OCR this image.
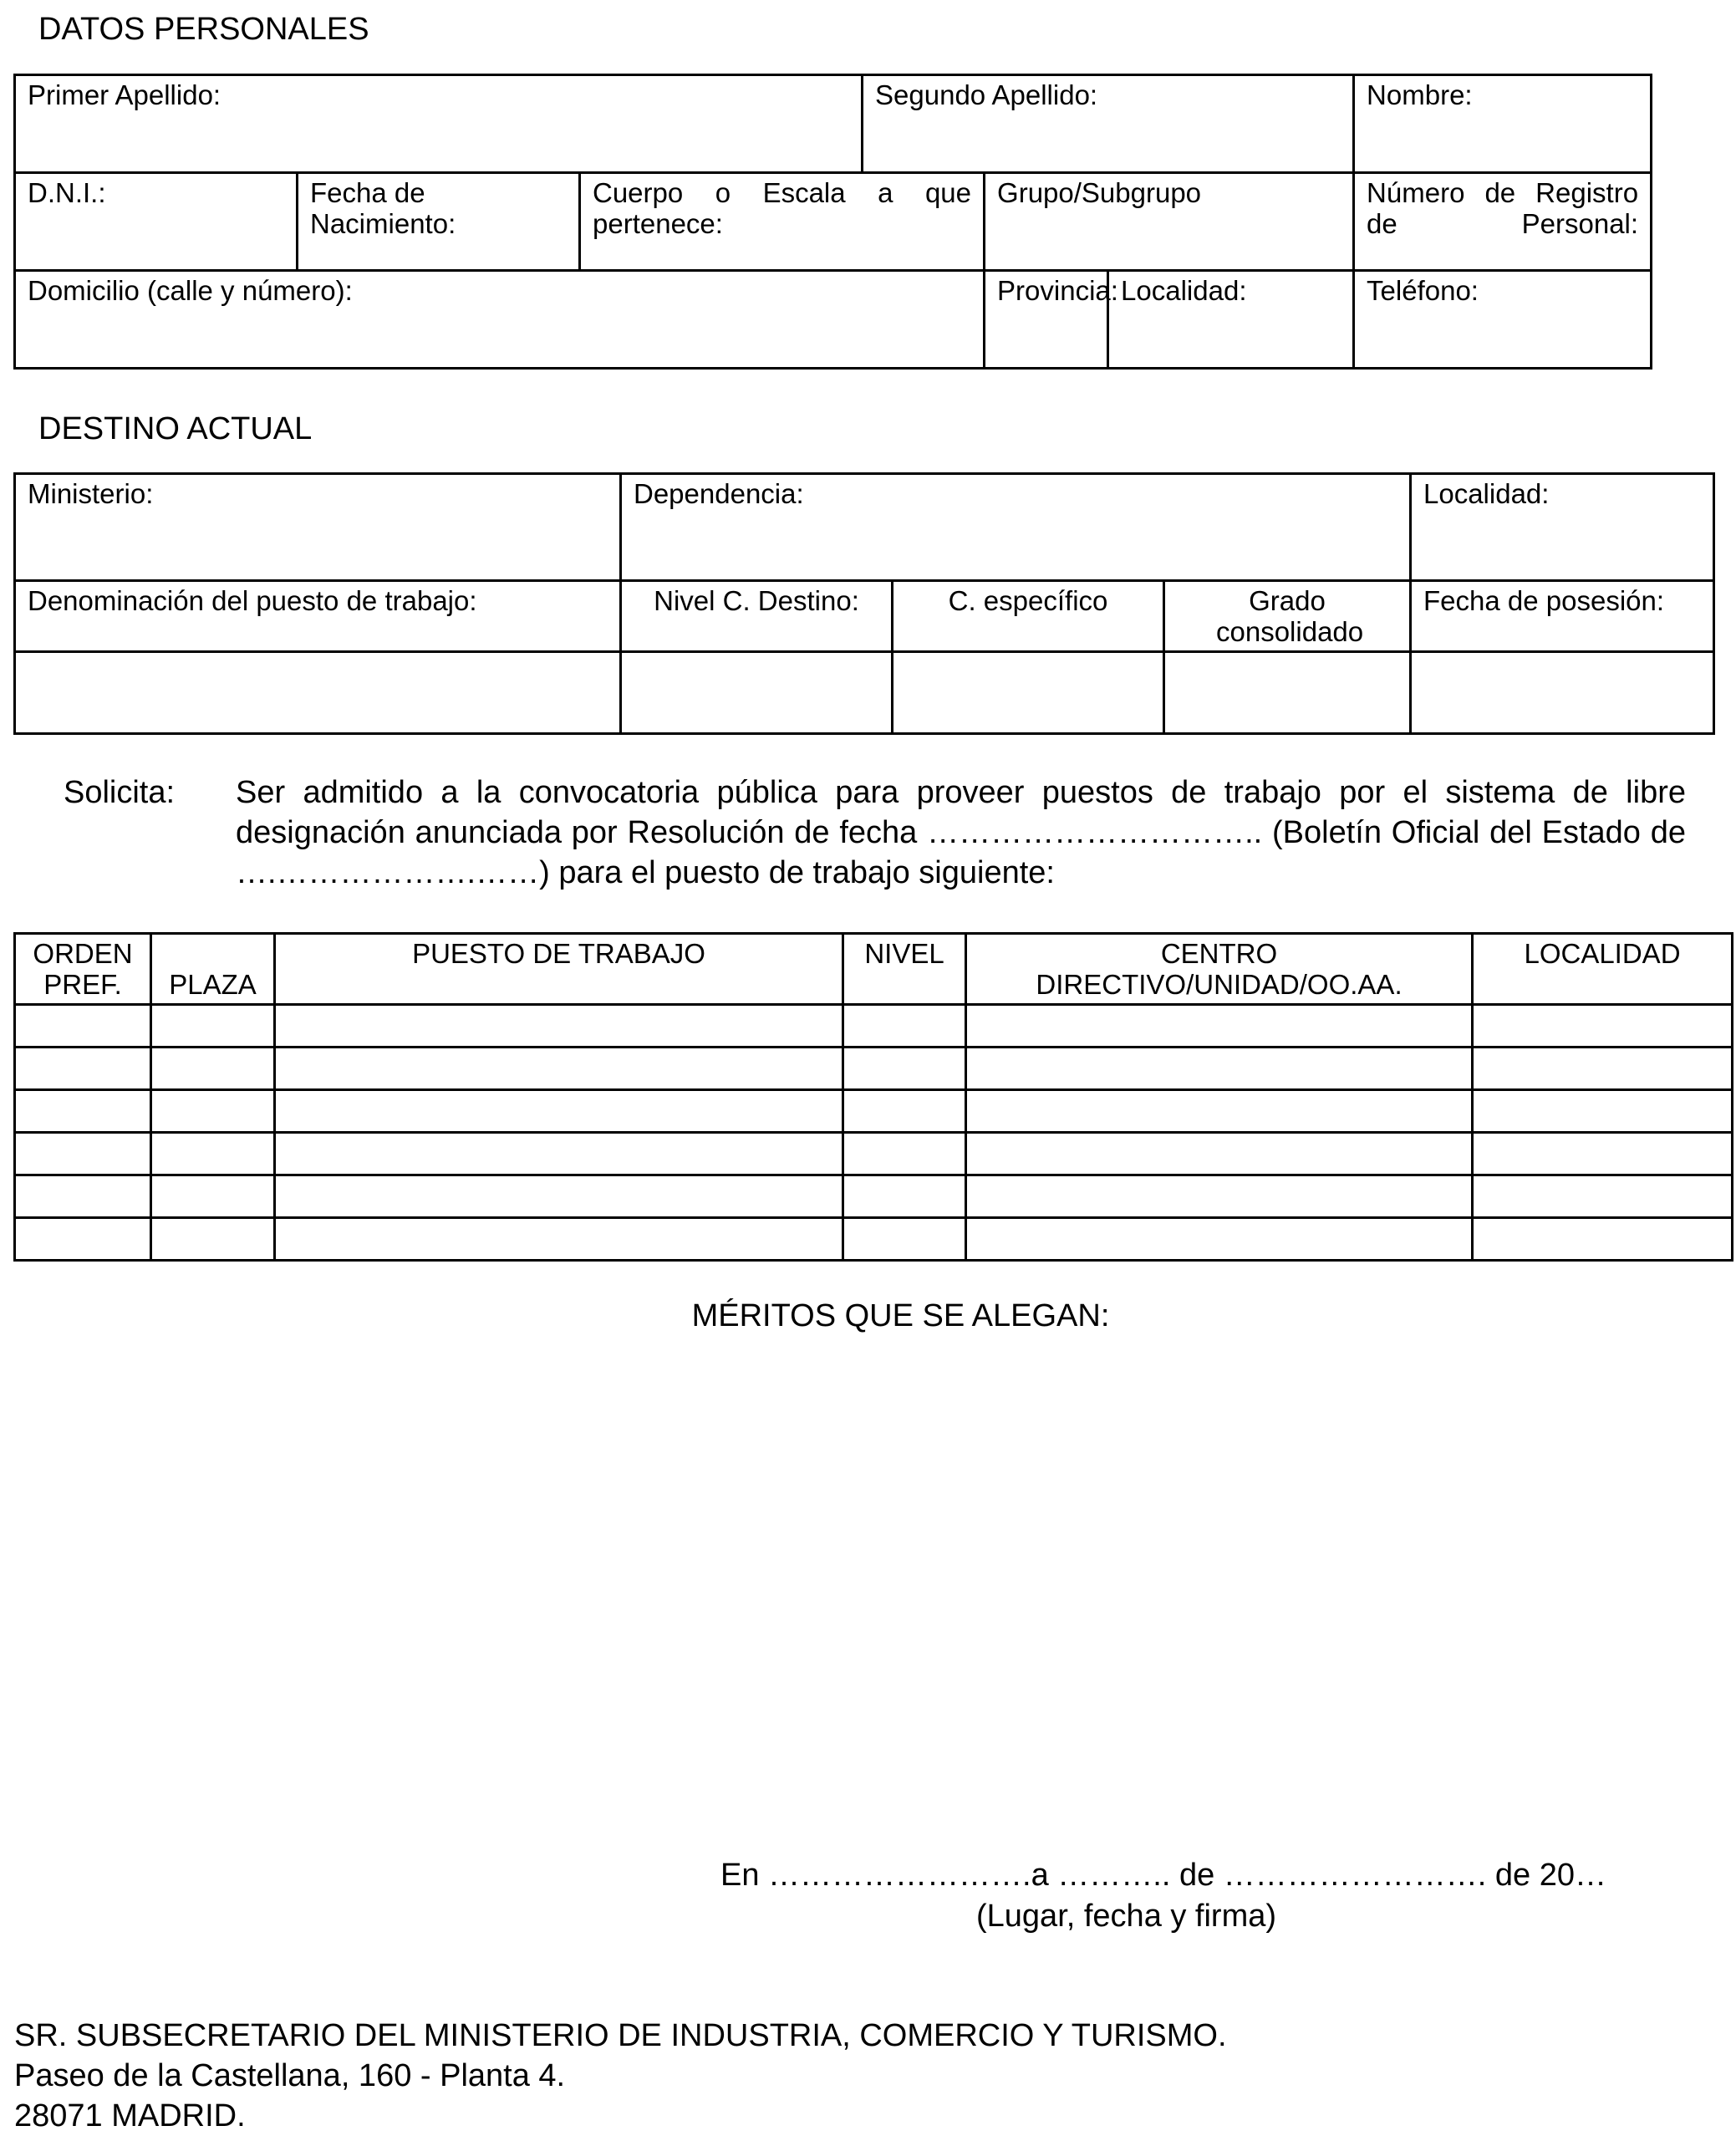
DATOS PERSONALES
Primer Apellido:			Segundo Apellido:			Nombre:
D.N.I.:	Fecha de Nacimiento:	Cuerpo o Escala a que pertenece:		Grupo/Subgrupo		Número de Registro de Personal:

Domicilio (calle y número):				Provincia:	Localidad:	Teléfono:
DESTINO ACTUAL
Ministerio:	Dependencia:			Localidad:
Denominación del puesto de trabajo:	Nivel C. Destino:	C. específico	Grado consolidado	Fecha de posesión:

Solicita: Ser admitido a la convocatoria pública para proveer puestos de trabajo por el sistema de libre designación anunciada por Resolución de fecha ………………………….. (Boletín Oficial del Estado de ….……………….……) para el puesto de trabajo siguiente:
ORDEN PREF.	PLAZA	PUESTO DE TRABAJO	NIVEL	CENTRO DIRECTIVO/UNIDAD/OO.AA.	LOCALIDAD

MÉRITOS QUE SE ALEGAN:
En …………………….a ……….. de ……………………. de 20…
(Lugar, fecha y firma)
SR. SUBSECRETARIO DEL MINISTERIO DE INDUSTRIA, COMERCIO Y TURISMO.
Paseo de la Castellana, 160 - Planta 4.
28071 MADRID.
